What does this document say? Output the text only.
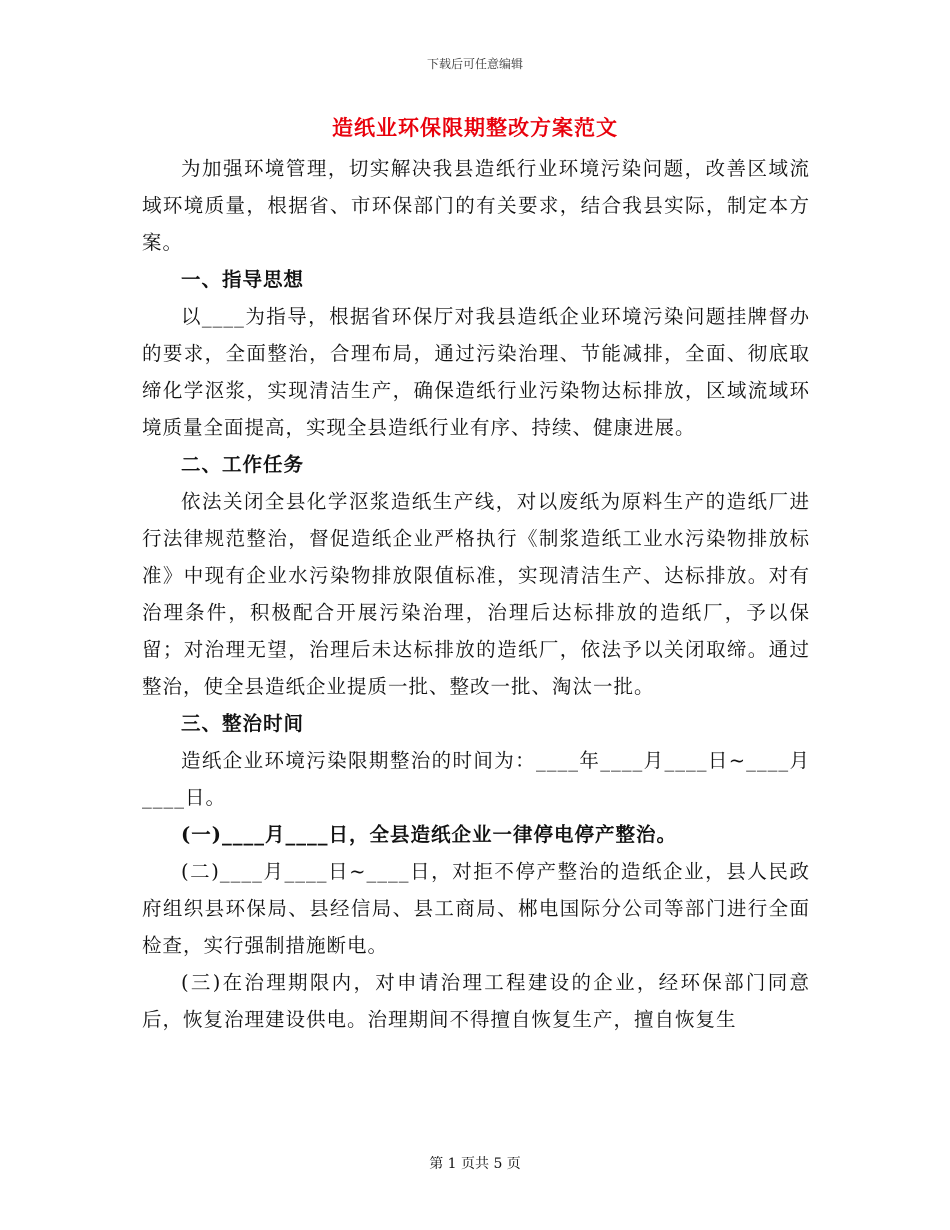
下载后可任意编辑
造纸业环保限期整改方案范文

为加强环境管理，切实解决我县造纸行业环境污染问题，改善区域流域环境质量，根据省、市环保部门的有关要求，结合我县实际，制定本方案。

一、指导思想

以____为指导，根据省环保厅对我县造纸企业环境污染问题挂牌督办的要求，全面整治，合理布局，通过污染治理、节能减排，全面、彻底取缔化学沤浆，实现清洁生产，确保造纸行业污染物达标排放，区域流域环境质量全面提高，实现全县造纸行业有序、持续、健康进展。

二、工作任务

依法关闭全县化学沤浆造纸生产线，对以废纸为原料生产的造纸厂进行法律规范整治，督促造纸企业严格执行《制浆造纸工业水污染物排放标准》中现有企业水污染物排放限值标准，实现清洁生产、达标排放。对有治理条件，积极配合开展污染治理，治理后达标排放的造纸厂，予以保留；对治理无望，治理后未达标排放的造纸厂，依法予以关闭取缔。通过整治，使全县造纸企业提质一批、整改一批、淘汰一批。

三、整治时间

造纸企业环境污染限期整治的时间为：____年____月____日~____月____日。

(一)____月____日，全县造纸企业一律停电停产整治。

(二)____月____日~____日，对拒不停产整治的造纸企业，县人民政府组织县环保局、县经信局、县工商局、郴电国际分公司等部门进行全面检查，实行强制措施断电。

(三)在治理期限内，对申请治理工程建设的企业，经环保部门同意后，恢复治理建设供电。治理期间不得擅自恢复生产，擅自恢复生

第 1 页共 5 页
